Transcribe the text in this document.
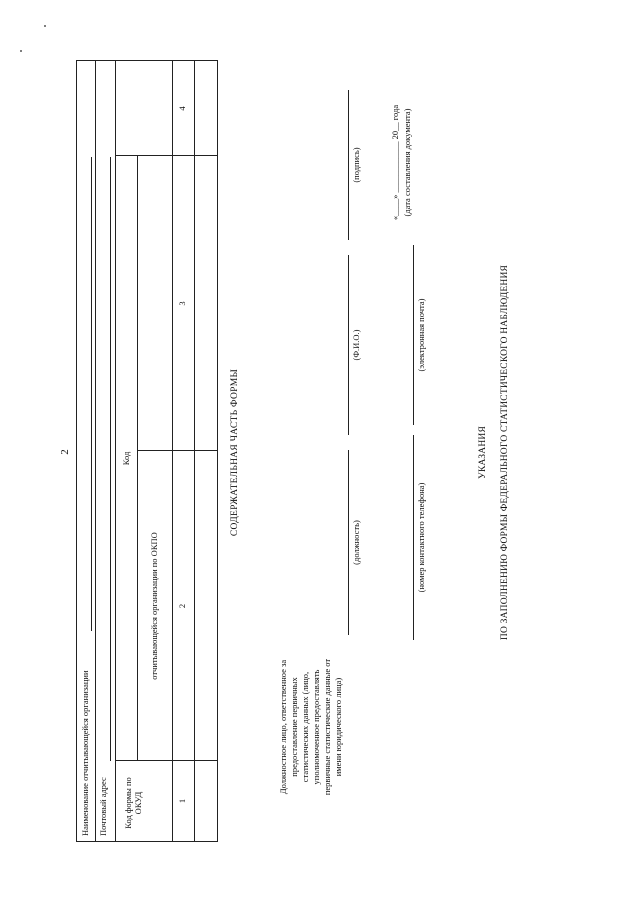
2
Наименование отчитывающейся организации Почтовый адрес Код формы по ОКУД
Код
отчитывающейся организации по ОКПО
1
2
3
4
СОДЕРЖАТЕЛЬНАЯ ЧАСТЬ ФОРМЫ
Должностное лицо, ответственное за предоставление первичных статистических данных (лицо, уполномоченное предоставлять первичные статистические данные от имени юридического лица)
(должность)
(Ф.И.О.)
(подпись)
(номер контактного телефона)
(электронная почта)
«____» ____________ 20__ года (дата составления документа)
УКАЗАНИЯ ПО ЗАПОЛНЕНИЮ ФОРМЫ ФЕДЕРАЛЬНОГО СТАТИСТИЧЕСКОГО НАБЛЮДЕНИЯ
